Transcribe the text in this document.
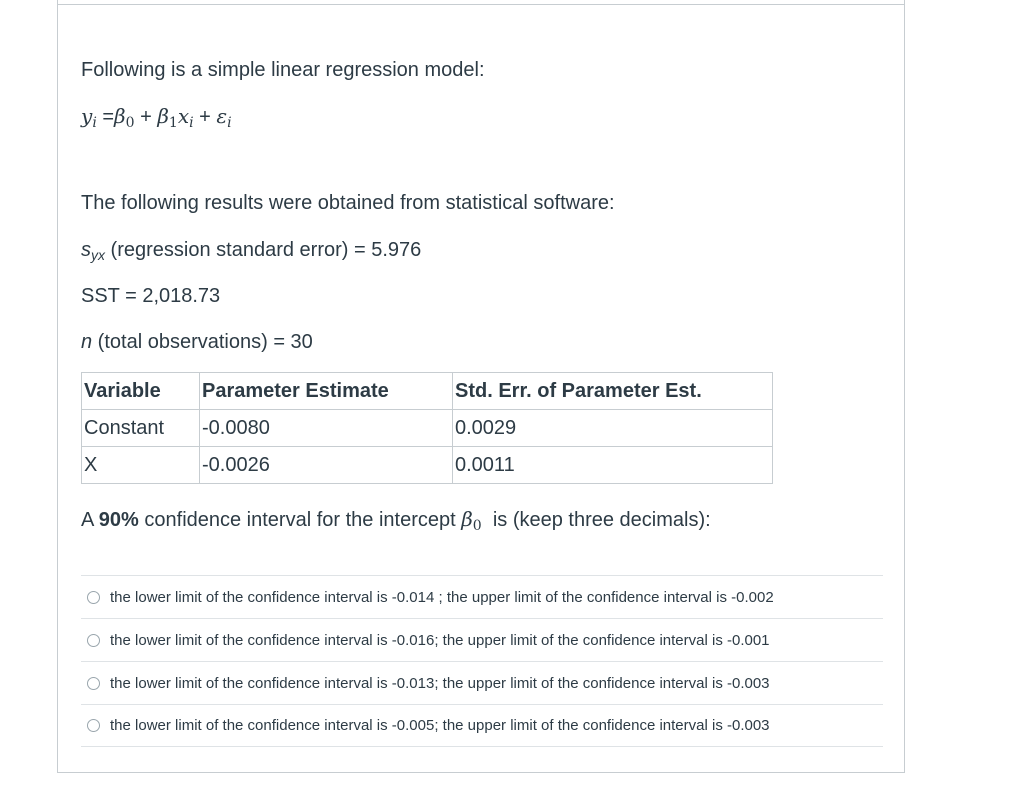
Following is a simple linear regression model:
$y_i =\beta_0 + \beta_1x_i + \varepsilon_i$
The following results were obtained from statistical software:
$s_{yx}$ (regression standard error) = 5.976
SST = 2,018.73
n (total observations) = 30
Variable	Parameter Estimate	Std. Err. of Parameter Est.
Constant	-0.0080	0.0029
X	-0.0026	0.0011
A 90% confidence interval for the intercept $\beta_0$  is (keep three decimals):
the lower limit of the confidence interval is -0.014 ; the upper limit of the confidence interval is -0.002
the lower limit of the confidence interval is -0.016; the upper limit of the confidence interval is -0.001
the lower limit of the confidence interval is -0.013; the upper limit of the confidence interval is -0.003
the lower limit of the confidence interval is -0.005; the upper limit of the confidence interval is -0.003
